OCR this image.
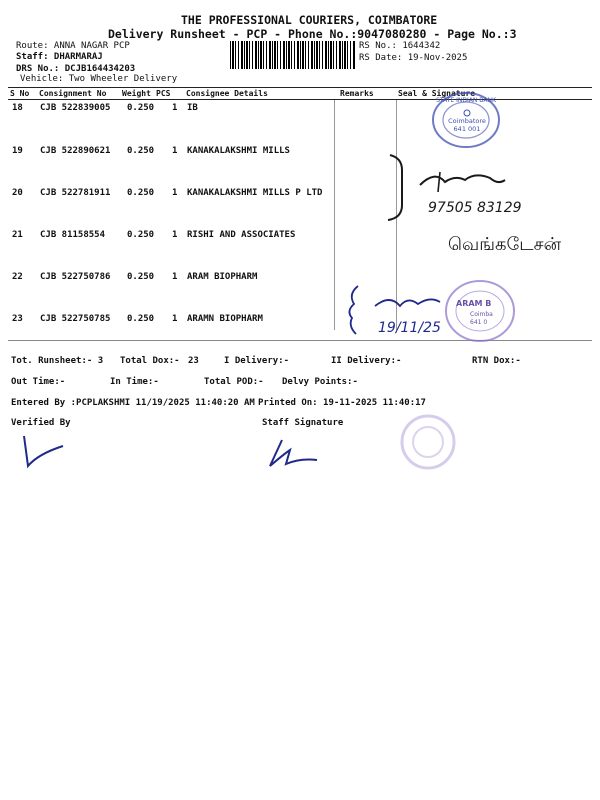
THE PROFESSIONAL COURIERS, COIMBATORE
Delivery Runsheet - PCP - Phone No.:9047080280 - Page No.:3
Route: ANNA NAGAR PCP
Staff: DHARMARAJ
DRS No.: DCJB164434203
Vehicle: Two Wheeler Delivery
RS No.: 1644342
RS Date: 19-Nov-2025
S No Consignment No Weight PCS Consignee Details	Remarks	Seal & Signature
18 CJB 522839005 0.250 1 IB
19 CJB 522890621 0.250 1 KANAKALAKSHMI MILLS
20 CJB 522781911 0.250 1 KANAKALAKSHMI MILLS P LTD
21 CJB 81158554 0.250 1 RISHI AND ASSOCIATES
22 CJB 522750786 0.250 1 ARAM BIOPHARM
23 CJB 522750785 0.250 1 ARAMN BIOPHARM
STATE INDIAN BANK
Coimbatore
641 001
97505 83129
வெங்கடேசன்
ARAM B
Coimba
641 0
19/11/25
Tot. Runsheet:- 3 Total Dox:- 23	I Delivery:-	II Delivery:-	RTN Dox:-
Out Time:-	In Time:-	Total POD:- Delvy Points:-
Entered By :PCPLAKSHMI 11/19/2025 11:40:20 AM Printed On: 19-11-2025 11:40:17
Verified By	Staff Signature
